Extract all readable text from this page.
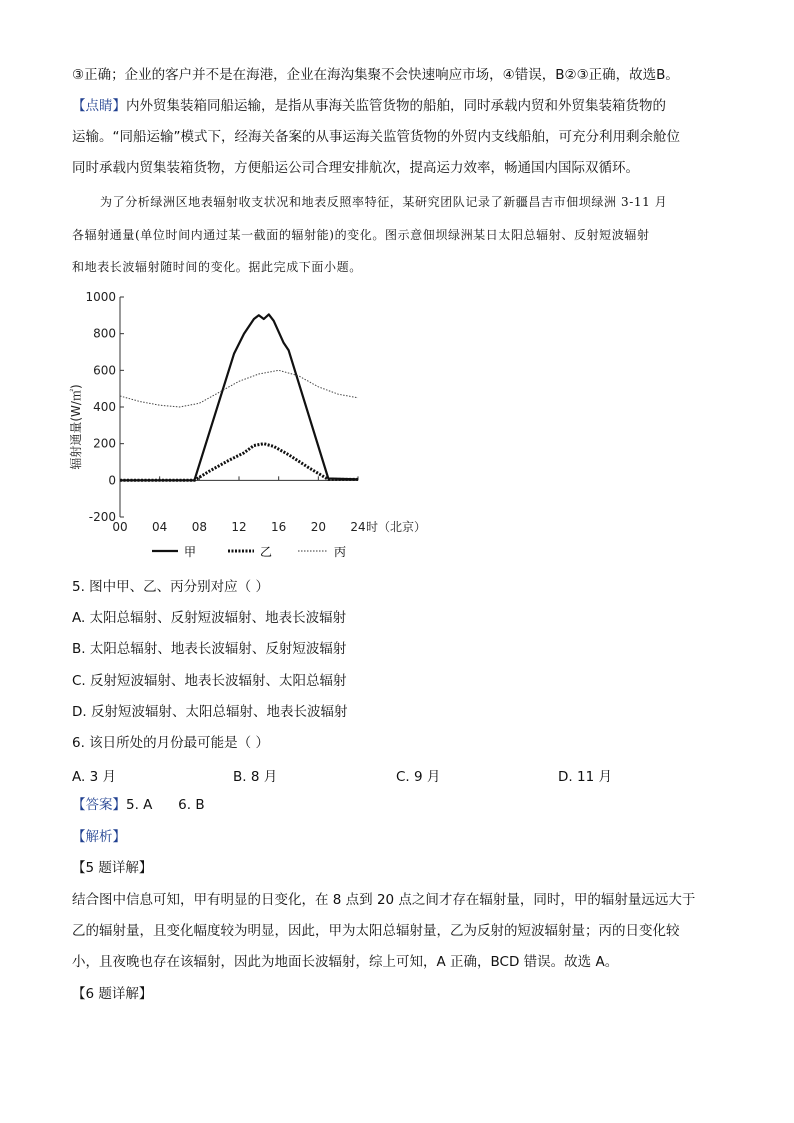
③正确；企业的客户并不是在海港，企业在海沟集聚不会快速响应市场，④错误，B②③正确，故选B。
【点睛】内外贸集装箱同船运输，是指从事海关监管货物的船舶，同时承载内贸和外贸集装箱货物的
运输。“同船运输”模式下，经海关备案的从事运海关监管货物的外贸内支线船舶，可充分利用剩余舱位
同时承载内贸集装箱货物，方便船运公司合理安排航次，提高运力效率，畅通国内国际双循环。
为了分析绿洲区地表辐射收支状况和地表反照率特征，某研究团队记录了新疆昌吉市佃坝绿洲 3-11 月
各辐射通量(单位时间内通过某一截面的辐射能)的变化。图示意佃坝绿洲某日太阳总辐射、反射短波辐射
和地表长波辐射随时间的变化。据此完成下面小题。
1000
800
600
400
200
0
-200
00 04 08 12 16 20 24
辐射通量(W/㎡)
时（北京）
甲	乙	丙
5. 图中甲、乙、丙分别对应（ ）
A. 太阳总辐射、反射短波辐射、地表长波辐射
B. 太阳总辐射、地表长波辐射、反射短波辐射
C. 反射短波辐射、地表长波辐射、太阳总辐射
D. 反射短波辐射、太阳总辐射、地表长波辐射
6. 该日所处的月份最可能是（ ）
A. 3 月	B. 8 月	C. 9 月	D. 11 月
【答案】5. A      6. B
【解析】
【5 题详解】
结合图中信息可知，甲有明显的日变化，在 8 点到 20 点之间才存在辐射量，同时，甲的辐射量远远大于
乙的辐射量，且变化幅度较为明显，因此，甲为太阳总辐射量，乙为反射的短波辐射量；丙的日变化较
小，且夜晚也存在该辐射，因此为地面长波辐射，综上可知，A 正确，BCD 错误。故选 A。
【6 题详解】
